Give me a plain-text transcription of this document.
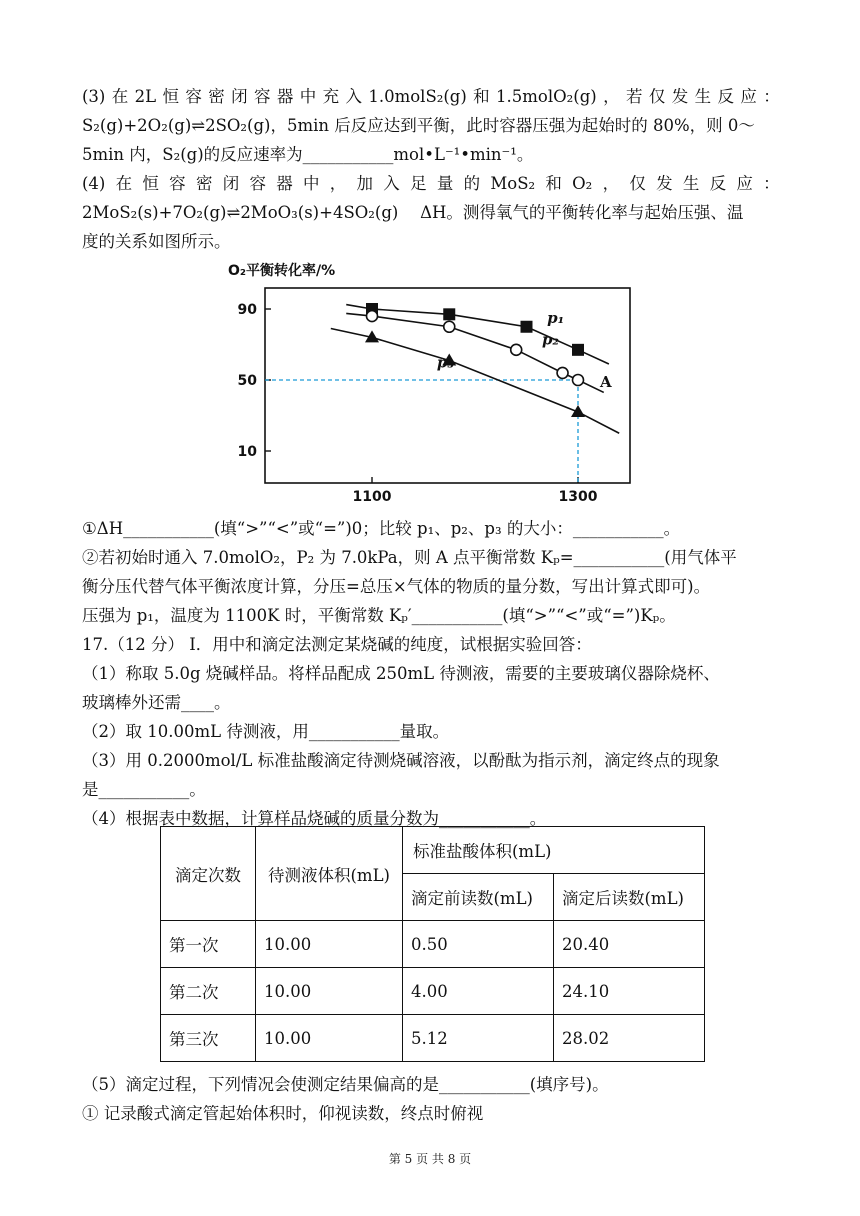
(3) 在 2L 恒 容 密 闭 容 器 中 充 入 1.0molS₂(g) 和 1.5molO₂(g) ， 若 仅 发 生 反 应 ：
S₂(g)+2O₂(g)⇌2SO₂(g)，5min 后反应达到平衡，此时容器压强为起始时的 80%，则 0～
5min 内，S₂(g)的反应速率为___________mol•L⁻¹•min⁻¹。
(4) 在 恒 容 密 闭 容 器 中 ， 加 入 足 量 的 MoS₂ 和 O₂ ， 仅 发 生 反 应 ：
2MoS₂(s)+7O₂(g)⇌2MoO₃(s)+4SO₂(g)　 ΔH。测得氧气的平衡转化率与起始压强、温
度的关系如图所示。
O₂平衡转化率/%
90
50
10
1100	1300
p₁
p₂
p₃
A
①ΔH___________(填“>”“<”或“=”)0；比较 p₁、p₂、p₃ 的大小：___________。
②若初始时通入 7.0molO₂，P₂ 为 7.0kPa，则 A 点平衡常数 Kₚ=___________(用气体平
衡分压代替气体平衡浓度计算，分压=总压×气体的物质的量分数，写出计算式即可)。
压强为 p₁，温度为 1100K 时，平衡常数 Kₚ′___________(填“>”“<”或“=”)Kₚ。
17.（12 分） I．用中和滴定法测定某烧碱的纯度，试根据实验回答：
（1）称取 5.0g 烧碱样品。将样品配成 250mL 待测液，需要的主要玻璃仪器除烧杯、
玻璃棒外还需____。
（2）取 10.00mL 待测液，用___________量取。
（3）用 0.2000mol/L 标准盐酸滴定待测烧碱溶液，以酚酞为指示剂，滴定终点的现象
是___________。
（4）根据表中数据，计算样品烧碱的质量分数为___________。
滴定次数	待测液体积(mL)	标准盐酸体积(mL)	
		滴定前读数(mL)	滴定后读数(mL)
第一次	10.00	0.50	20.40
第二次	10.00	4.00	24.10
第三次	10.00	5.12	28.02
（5）滴定过程，下列情况会使测定结果偏高的是___________(填序号)。
① 记录酸式滴定管起始体积时，仰视读数，终点时俯视
第 5 页 共 8 页
